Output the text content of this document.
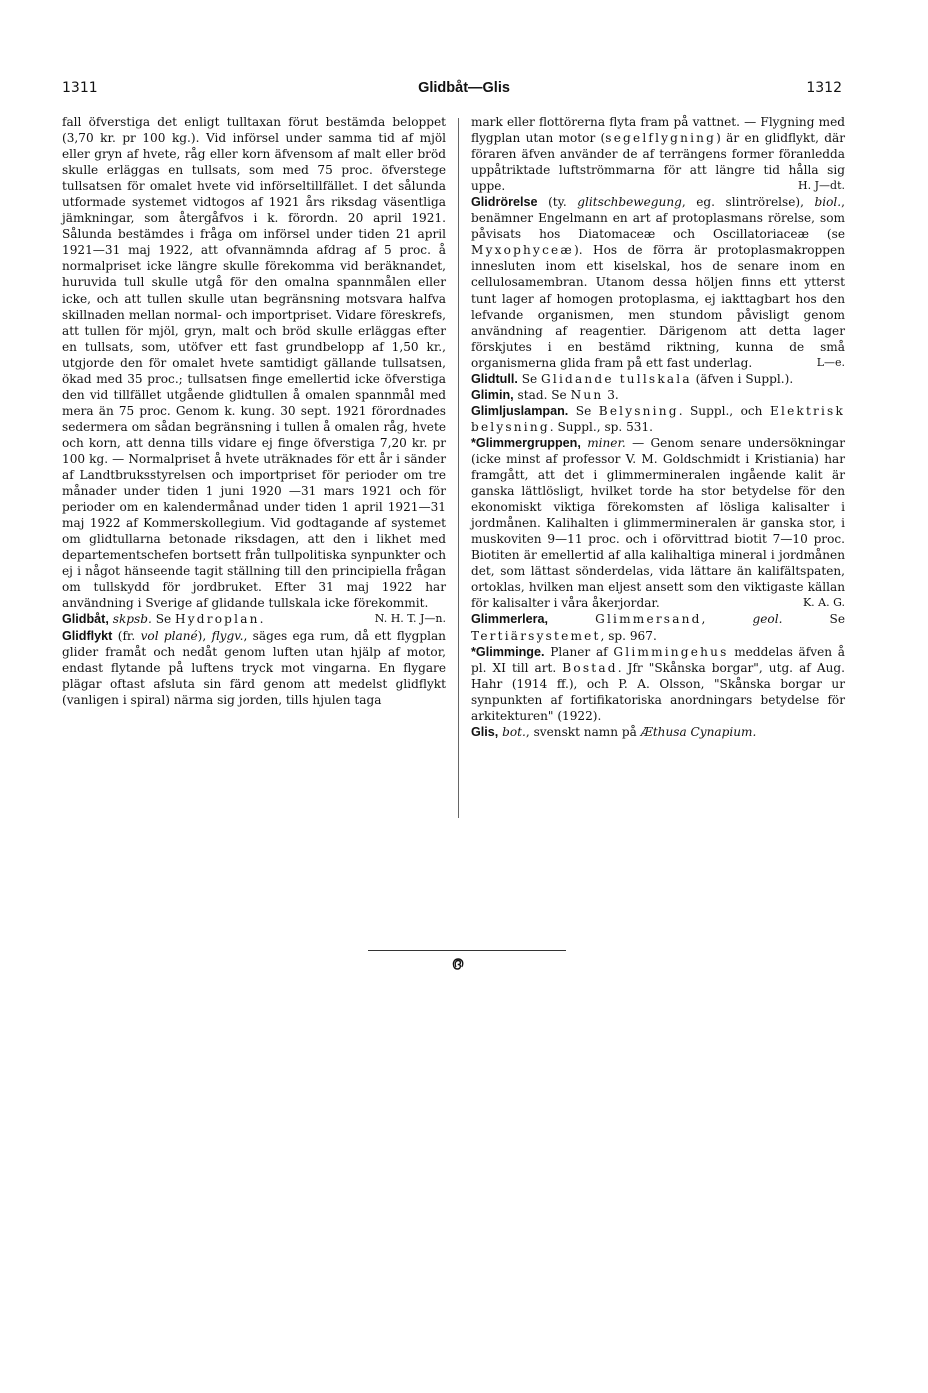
1311	Glidbåt—Glis	1312

fall öfverstiga det enligt tulltaxan förut bestämda beloppet (3,70 kr. pr 100 kg.). Vid införsel under samma tid af mjöl eller gryn af hvete, råg eller korn äfvensom af malt eller bröd skulle erläggas en tullsats, som med 75 proc. öfverstege tullsatsen för omalet hvete vid införseltillfället. I det sålunda utformade systemet vidtogos af 1921 års riksdag väsentliga jämkningar, som återgåfvos i k. förordn. 20 april 1921. Sålunda bestämdes i fråga om införsel under tiden 21 april 1921—31 maj 1922, att ofvannämnda afdrag af 5 proc. å normalpriset icke längre skulle förekomma vid beräknandet, huruvida tull skulle utgå för den omalna spannmålen eller icke, och att tullen skulle utan begränsning motsvara halfva skillnaden mellan normal- och importpriset. Vidare föreskrefs, att tullen för mjöl, gryn, malt och bröd skulle erläggas efter en tullsats, som, utöfver ett fast grundbelopp af 1,50 kr., utgjorde den för omalet hvete samtidigt gällande tullsatsen, ökad med 35 proc.; tullsatsen finge emellertid icke öfverstiga den vid tillfället utgående glidtullen å omalen spannmål med mera än 75 proc. Genom k. kung. 30 sept. 1921 förordnades sedermera om sådan begränsning i tullen å omalen råg, hvete och korn, att denna tills vidare ej finge öfverstiga 7,20 kr. pr 100 kg. — Normalpriset å hvete uträknades för ett år i sänder af Landtbruksstyrelsen och importpriset för perioder om tre månader under tiden 1 juni 1920 —31 mars 1921 och för perioder om en kalendermånad under tiden 1 april 1921—31 maj 1922 af Kommerskollegium. Vid godtagande af systemet om glidtullarna betonade riksdagen, att den i likhet med departementschefen bortsett från tullpolitiska synpunkter och ej i något hänseende tagit ställning till den principiella frågan om tullskydd för jordbruket. Efter 31 maj 1922 har användning i Sverige af glidande tullskala icke förekommit.
N. H. T. J—n.

Glidbåt, skpsb. Se Hydroplan.

Glidflykt (fr. vol plané), flygv., säges ega rum, då ett flygplan glider framåt och nedåt genom luften utan hjälp af motor, endast flytande på luftens tryck mot vingarna. En flygare plägar oftast afsluta sin färd genom att medelst glidflykt (vanligen i spiral) närma sig jorden, tills hjulen taga

mark eller flottörerna flyta fram på vattnet. — Flygning med flygplan utan motor (segelflygning) är en glidflykt, där föraren äfven använder de af terrängens former föranledda uppåtriktade luftströmmarna för att längre tid hålla sig uppe.	H. J—dt.

Glidrörelse (ty. glitschbewegung, eg. slintrörelse), biol., benämner Engelmann en art af protoplasmans rörelse, som påvisats hos Diatomaceæ och Oscillatoriaceæ (se Myxophyceæ). Hos de förra är protoplasmakroppen innesluten inom ett kiselskal, hos de senare inom en cellulosamembran. Utanom dessa höljen finns ett ytterst tunt lager af homogen protoplasma, ej iakttagbart hos den lefvande organismen, men stundom påvisligt genom användning af reagentier. Därigenom att detta lager förskjutes i en bestämd riktning, kunna de små organismerna glida fram på ett fast underlag.	L—e.

Glidtull. Se Glidande tullskala (äfven i Suppl.).

Glimin, stad. Se Nun 3.

Glimljuslampan. Se Belysning. Suppl., och Elektrisk belysning. Suppl., sp. 531.

*Glimmergruppen, miner. — Genom senare undersökningar (icke minst af professor V. M. Goldschmidt i Kristiania) har framgått, att det i glimmermineralen ingående kalit är ganska lättlösligt, hvilket torde ha stor betydelse för den ekonomiskt viktiga förekomsten af lösliga kalisalter i jordmånen. Kalihalten i glimmermineralen är ganska stor, i muskoviten 9—11 proc. och i oförvittrad biotit 7—10 proc. Biotiten är emellertid af alla kalihaltiga mineral i jordmånen det, som lättast sönderdelas, vida lättare än kalifältspaten, ortoklas, hvilken man eljest ansett som den viktigaste källan för kalisalter i våra åkerjordar.	K. A. G.

Glimmerlera,	Glimmersand,	geol.	Se Tertiärsystemet, sp. 967.

*Glimminge. Planer af Glimmingehus meddelas äfven å pl. XI till art. Bostad. Jfr "Skånska borgar", utg. af Aug. Hahr (1914 ff.), och P. A. Olsson, "Skånska borgar ur synpunkten af fortifikatoriska anordningars betydelse för arkitekturen" (1922).

Glis, bot., svenskt namn på Æthusa Cynapium.

൫
